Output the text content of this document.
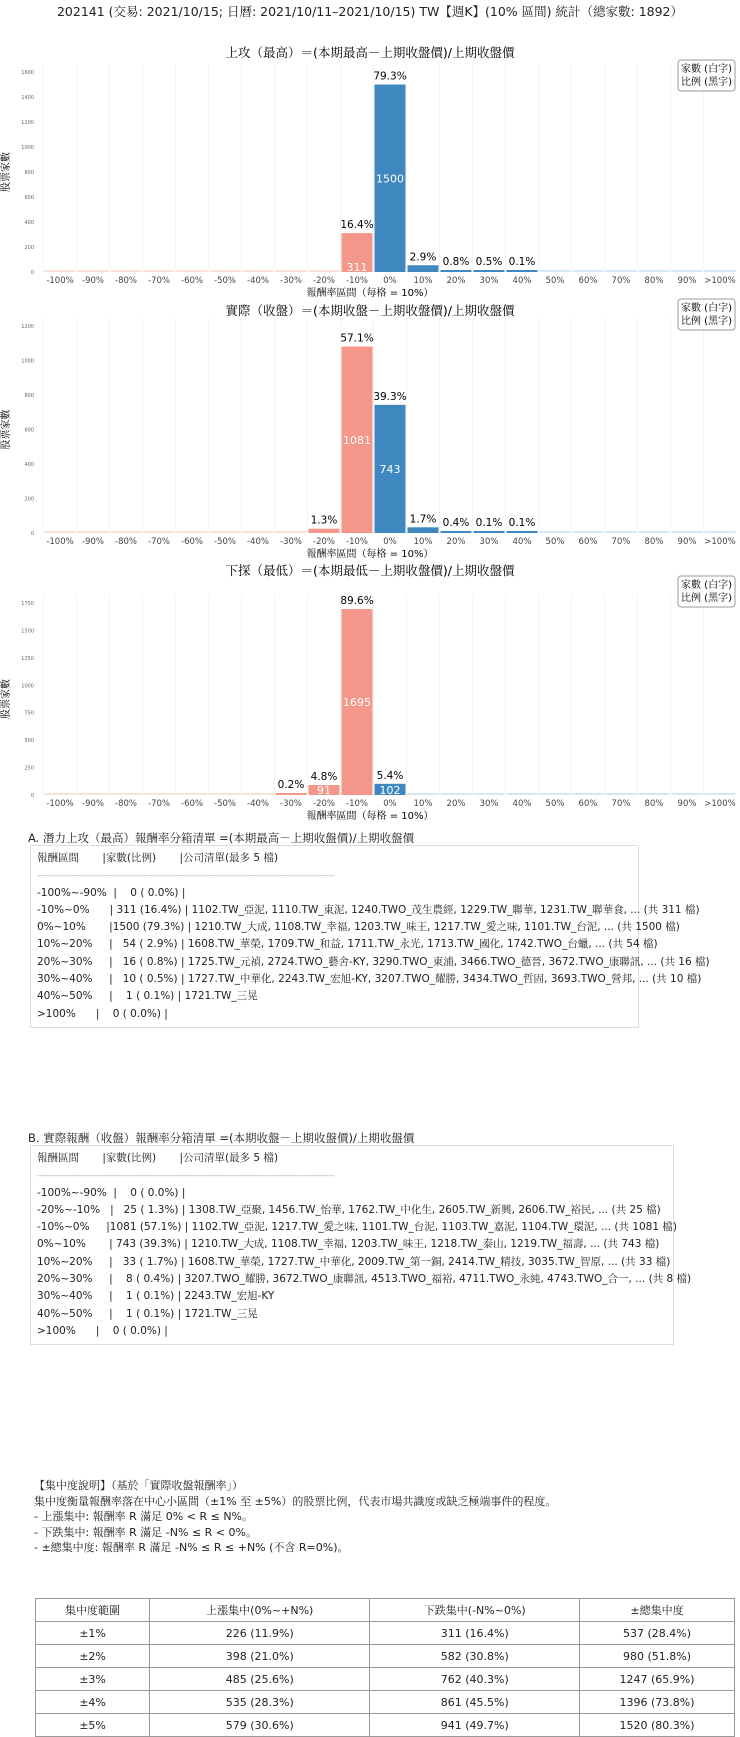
202141 (交易: 2021/10/15; 日曆: 2021/10/11–2021/10/15) TW【週K】(10% 區間) 統計（總家數: 1892）
上攻（最高）＝(本期最高－上期收盤價)/上期收盤價
0
200
400
600
800
1000
1200
1400
1600
股票家數
-100% -90% -80% -70% -60% -50% -40% -30% -20%
311
16.4%
-10%
1500
79.3%
0%
2.9%
10%
0.8%
20%
0.5%
30%
0.1%
40% 50% 60% 70% 80% 90% >100%
報酬率區間（每格 = 10%）
家數 (白字)
比例 (黑字)
實際（收盤）＝(本期收盤－上期收盤價)/上期收盤價
0
200
400
600
800
1000
1200
股票家數
-100% -90% -80% -70% -60% -50% -40% -30%
1.3%
-20%
1081
57.1%
-10%
743
39.3%
0%
1.7%
10%
0.4%
20%
0.1%
30%
0.1%
40% 50% 60% 70% 80% 90% >100%
報酬率區間（每格 = 10%）
家數 (白字)
比例 (黑字)
下探（最低）＝(本期最低－上期收盤價)/上期收盤價
0
250
500
750
1000
1250
1500
1750
股票家數
-100% -90% -80% -70% -60% -50% -40%
0.2%
-30%
91
4.8%
-20%
1695
89.6%
-10%
102
5.4%
0% 10% 20% 30% 40% 50% 60% 70% 80% 90% >100%
報酬率區間（每格 = 10%）
家數 (白字)
比例 (黑字)
A. 潛力上攻（最高）報酬率分箱清單 =(本期最高－上期收盤價)/上期收盤價
報酬區間       |家數(比例)       |公司清單(最多 5 檔)
-------------------------------------------------------------------------------------------------------
-100%~-90%  |    0 ( 0.0%) |
-10%~0%      | 311 (16.4%) | 1102.TW_亞泥, 1110.TW_東泥, 1240.TWO_茂生農經, 1229.TW_聯華, 1231.TW_聯華食, ... (共 311 檔)
0%~10%       |1500 (79.3%) | 1210.TW_大成, 1108.TW_幸福, 1203.TW_味王, 1217.TW_愛之味, 1101.TW_台泥, ... (共 1500 檔)
10%~20%     |   54 ( 2.9%) | 1608.TW_華榮, 1709.TW_和益, 1711.TW_永光, 1713.TW_國化, 1742.TWO_台蠟, ... (共 54 檔)
20%~30%     |   16 ( 0.8%) | 1725.TW_元禎, 2724.TWO_藝舍-KY, 3290.TWO_東浦, 3466.TWO_德晉, 3672.TWO_康聯訊, ... (共 16 檔)
30%~40%     |   10 ( 0.5%) | 1727.TW_中華化, 2243.TW_宏旭-KY, 3207.TWO_耀勝, 3434.TWO_哲固, 3693.TWO_營邦, ... (共 10 檔)
40%~50%     |    1 ( 0.1%) | 1721.TW_三晃
>100%      |    0 ( 0.0%) |
B. 實際報酬（收盤）報酬率分箱清單 =(本期收盤－上期收盤價)/上期收盤價
報酬區間       |家數(比例)       |公司清單(最多 5 檔)
-------------------------------------------------------------------------------------------------------
-100%~-90%  |    0 ( 0.0%) |
-20%~-10%   |   25 ( 1.3%) | 1308.TW_亞聚, 1456.TW_怡華, 1762.TW_中化生, 2605.TW_新興, 2606.TW_裕民, ... (共 25 檔)
-10%~0%     |1081 (57.1%) | 1102.TW_亞泥, 1217.TW_愛之味, 1101.TW_台泥, 1103.TW_嘉泥, 1104.TW_環泥, ... (共 1081 檔)
0%~10%       | 743 (39.3%) | 1210.TW_大成, 1108.TW_幸福, 1203.TW_味王, 1218.TW_泰山, 1219.TW_福壽, ... (共 743 檔)
10%~20%     |   33 ( 1.7%) | 1608.TW_華榮, 1727.TW_中華化, 2009.TW_第一銅, 2414.TW_精技, 3035.TW_智原, ... (共 33 檔)
20%~30%     |    8 ( 0.4%) | 3207.TWO_耀勝, 3672.TWO_康聯訊, 4513.TWO_福裕, 4711.TWO_永純, 4743.TWO_合一, ... (共 8 檔)
30%~40%     |    1 ( 0.1%) | 2243.TW_宏旭-KY
40%~50%     |    1 ( 0.1%) | 1721.TW_三晃
>100%      |    0 ( 0.0%) |
【集中度說明】（基於「實際收盤報酬率」）
集中度衡量報酬率落在中心小區間（±1% 至 ±5%）的股票比例，代表市場共識度或缺乏極端事件的程度。
- 上漲集中: 報酬率 R 滿足 0% < R ≤ N%。
- 下跌集中: 報酬率 R 滿足 -N% ≤ R < 0%。
- ±總集中度: 報酬率 R 滿足 -N% ≤ R ≤ +N% (不含 R=0%)。
集中度範圍	上漲集中(0%~+N%)	下跌集中(-N%~0%)	±總集中度
±1%	226 (11.9%)	311 (16.4%)	537 (28.4%)
±2%	398 (21.0%)	582 (30.8%)	980 (51.8%)
±3%	485 (25.6%)	762 (40.3%)	1247 (65.9%)
±4%	535 (28.3%)	861 (45.5%)	1396 (73.8%)
±5%	579 (30.6%)	941 (49.7%)	1520 (80.3%)
